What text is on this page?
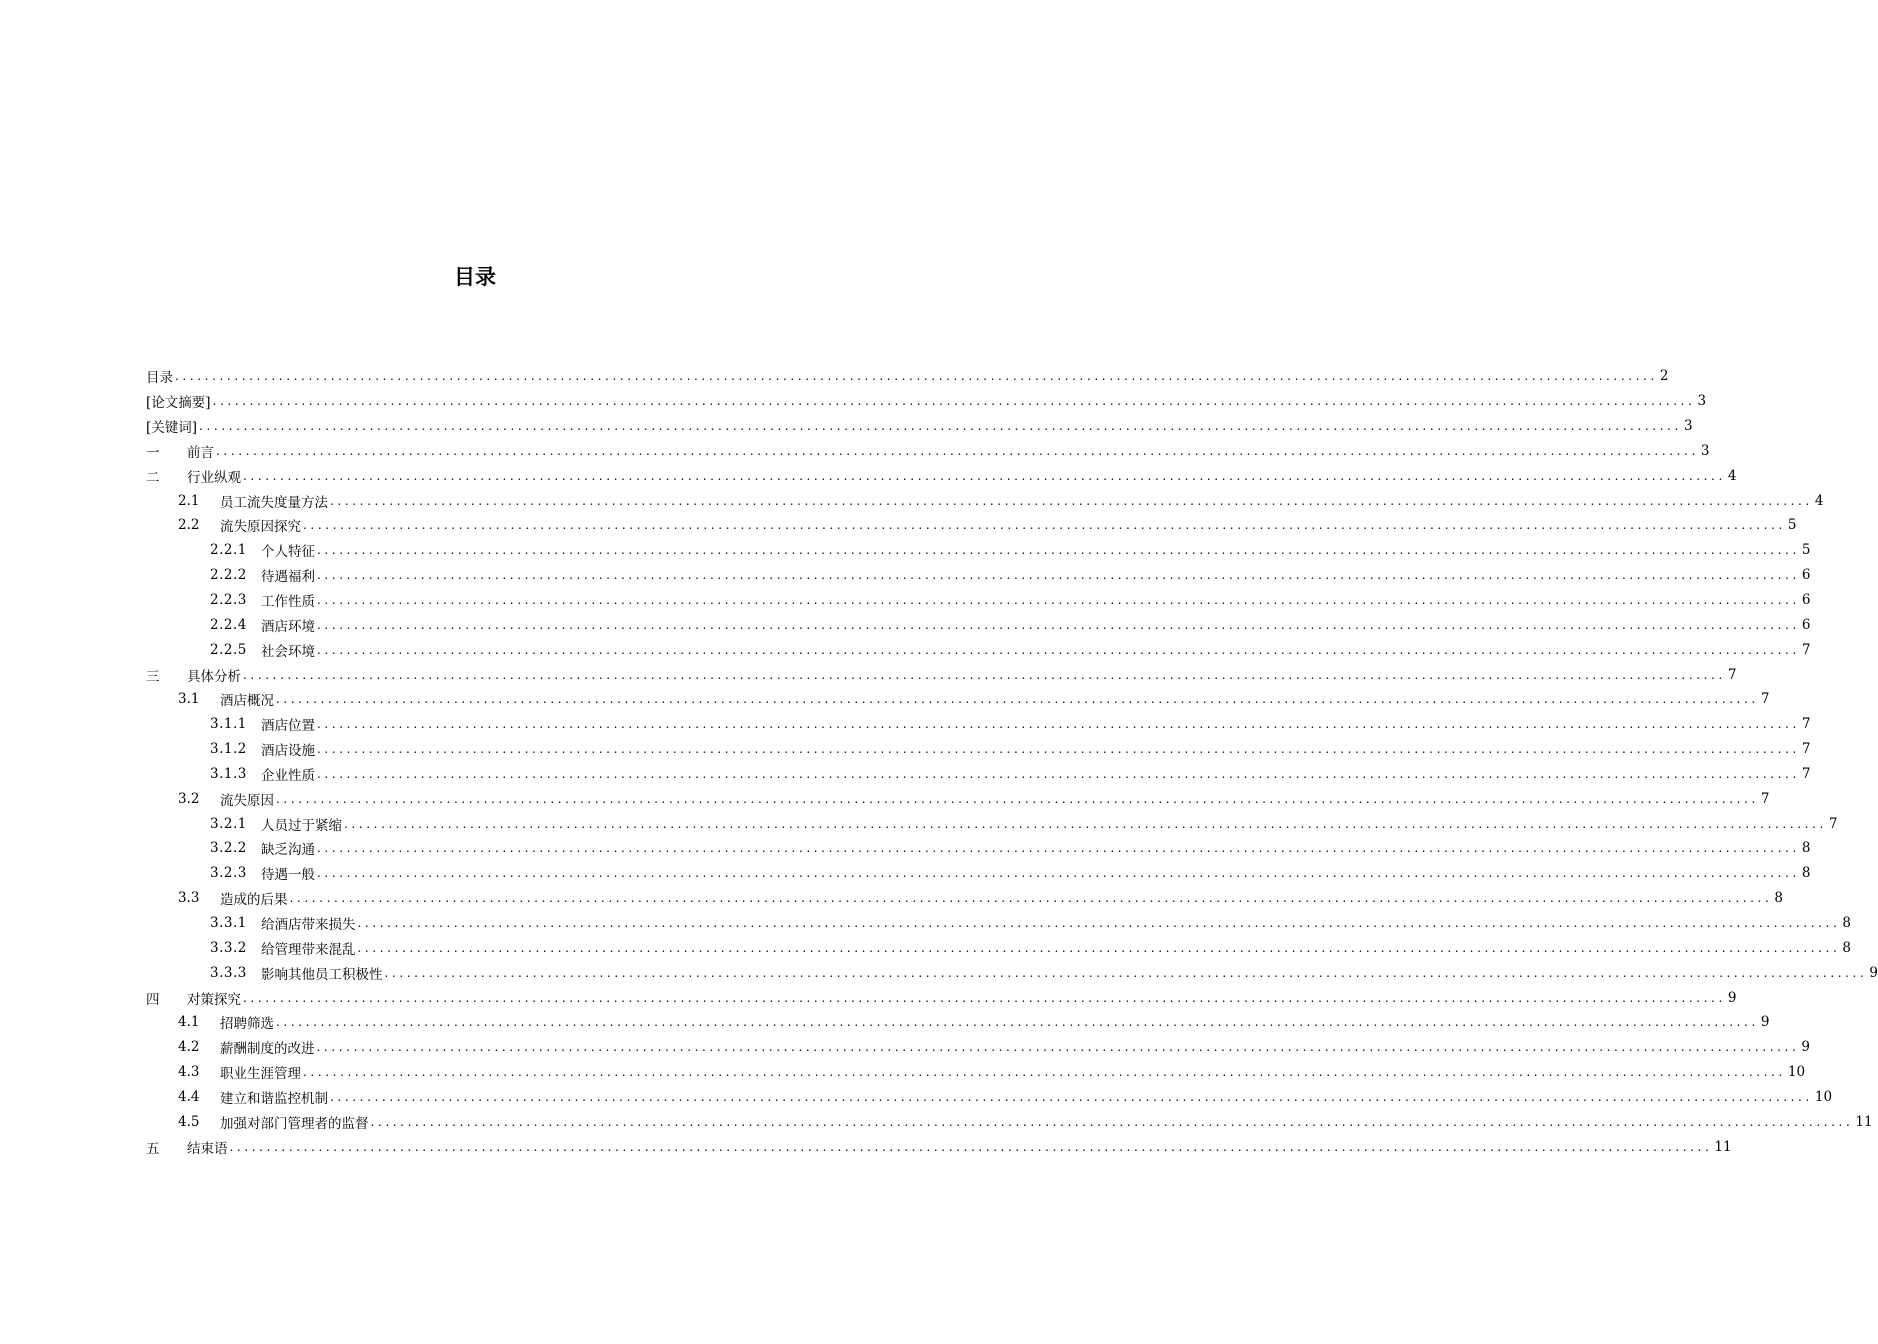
目录
目录 ........................................................................................................................................................................................................ 2
[论文摘要] ........................................................................................................................................................................................................ 3
[关键词] ........................................................................................................................................................................................................ 3
一	前言 ........................................................................................................................................................................................................ 3
二	行业纵观 ........................................................................................................................................................................................................ 4
2.1	员工流失度量方法 ........................................................................................................................................................................................................ 4
2.2	流失原因探究 ........................................................................................................................................................................................................ 5
2.2.1	个人特征 ........................................................................................................................................................................................................ 5
2.2.2	待遇福利 ........................................................................................................................................................................................................ 6
2.2.3	工作性质 ........................................................................................................................................................................................................ 6
2.2.4	酒店环境 ........................................................................................................................................................................................................ 6
2.2.5	社会环境 ........................................................................................................................................................................................................ 7
三	具体分析 ........................................................................................................................................................................................................ 7
3.1	酒店概况 ........................................................................................................................................................................................................ 7
3.1.1	酒店位置 ........................................................................................................................................................................................................ 7
3.1.2	酒店设施 ........................................................................................................................................................................................................ 7
3.1.3	企业性质 ........................................................................................................................................................................................................ 7
3.2	流失原因 ........................................................................................................................................................................................................ 7
3.2.1	人员过于紧缩 ........................................................................................................................................................................................................ 7
3.2.2	缺乏沟通 ........................................................................................................................................................................................................ 8
3.2.3	待遇一般 ........................................................................................................................................................................................................ 8
3.3	造成的后果 ........................................................................................................................................................................................................ 8
3.3.1	给酒店带来损失 ........................................................................................................................................................................................................ 8
3.3.2	给管理带来混乱 ........................................................................................................................................................................................................ 8
3.3.3	影响其他员工积极性 ........................................................................................................................................................................................................ 9
四	对策探究 ........................................................................................................................................................................................................ 9
4.1	招聘筛选 ........................................................................................................................................................................................................ 9
4.2	薪酬制度的改进 ........................................................................................................................................................................................................ 9
4.3	职业生涯管理 ........................................................................................................................................................................................................ 10
4.4	建立和谐监控机制 ........................................................................................................................................................................................................ 10
4.5	加强对部门管理者的监督 ........................................................................................................................................................................................................ 11
五	结束语 ........................................................................................................................................................................................................ 11
